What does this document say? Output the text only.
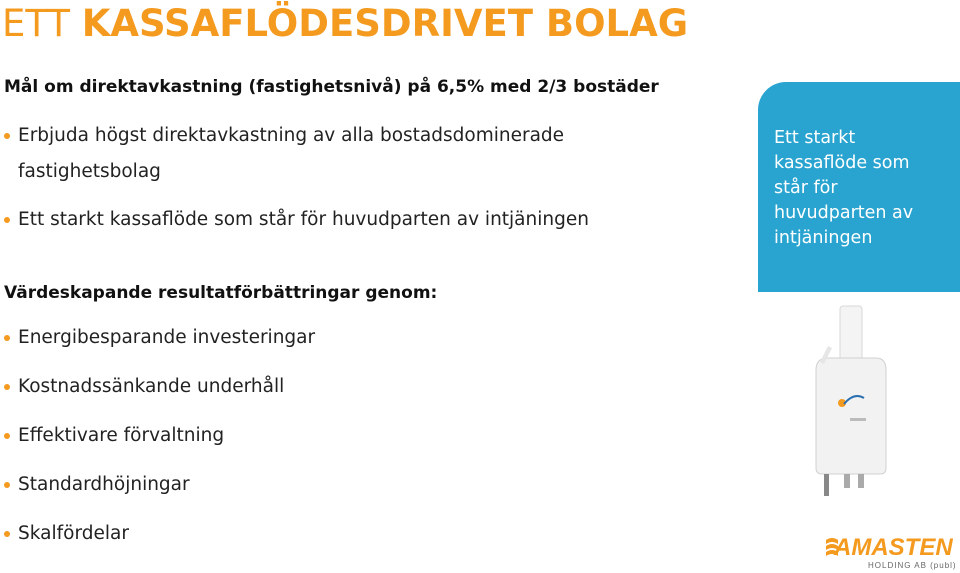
ETT KASSAFLÖDESDRIVET BOLAG
Mål om direktavkastning (fastighetsnivå) på 6,5% med 2/3 bostäder
Erbjuda högst direktavkastning av alla bostadsdominerade
fastighetsbolag
Ett starkt kassaflöde som står för huvudparten av intjäningen
Värdeskapande resultatförbättringar genom:
Energibesparande investeringar
Kostnadssänkande underhåll
Effektivare förvaltning
Standardhöjningar
Skalfördelar
Ett starkt
kassaflöde som
står för
huvudparten av
intjäningen
AMASTEN
HOLDING AB (publ)
